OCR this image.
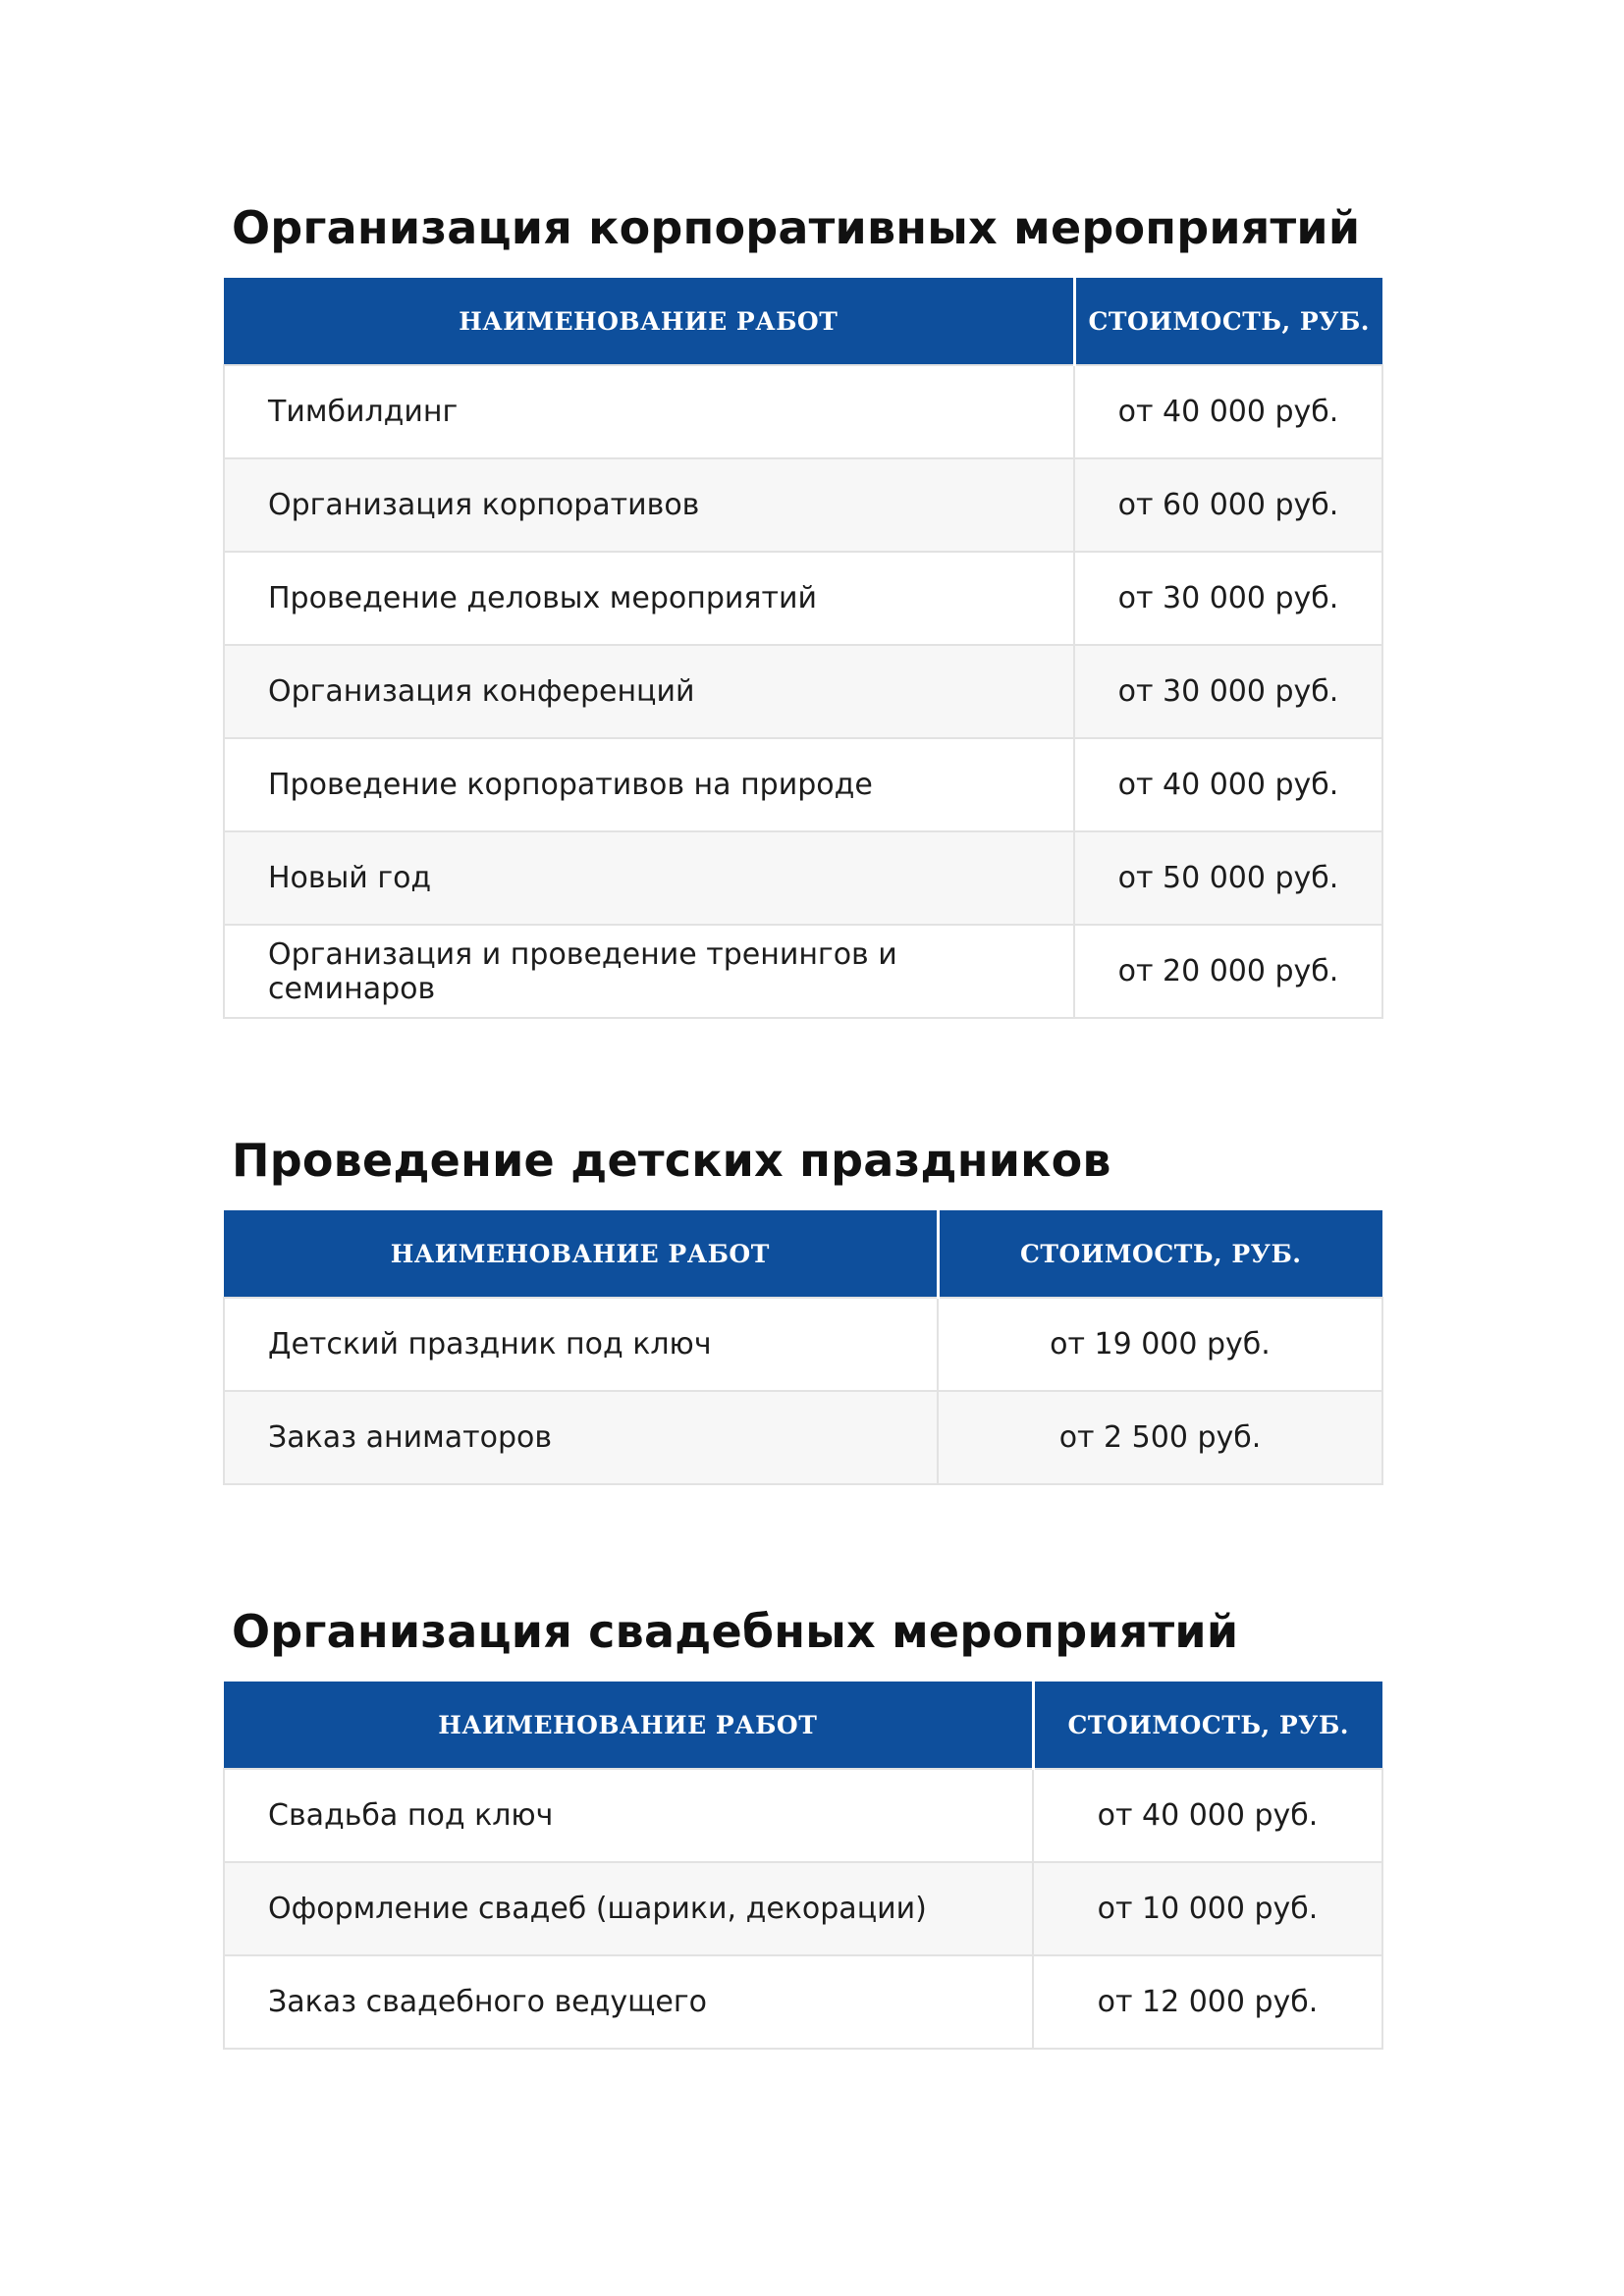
Организация корпоративных мероприятий
НАИМЕНОВАНИЕ РАБОТ	СТОИМОСТЬ, РУБ.
Тимбилдинг	от 40 000 руб.
Организация корпоративов	от 60 000 руб.
Проведение деловых мероприятий	от 30 000 руб.
Организация конференций	от 30 000 руб.
Проведение корпоративов на природе	от 40 000 руб.
Новый год	от 50 000 руб.
Организация и проведение тренингов и семинаров	от 20 000 руб.
Проведение детских праздников
НАИМЕНОВАНИЕ РАБОТ	СТОИМОСТЬ, РУБ.
Детский праздник под ключ	от 19 000 руб.
Заказ аниматоров	от 2 500 руб.
Организация свадебных мероприятий
НАИМЕНОВАНИЕ РАБОТ	СТОИМОСТЬ, РУБ.
Свадьба под ключ	от 40 000 руб.
Оформление свадеб (шарики, декорации)	от 10 000 руб.
Заказ свадебного ведущего	от 12 000 руб.
